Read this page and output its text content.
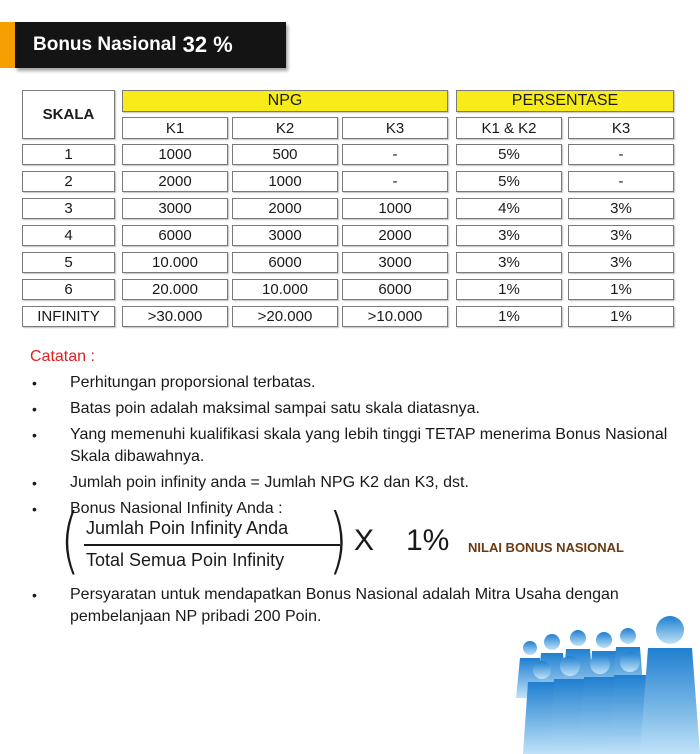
Bonus Nasional 32 %
SKALA
NPG	PERSENTASE
K1	K2	K3	K1 & K2	K3
1	1000	500	-	5%	-
2	2000	1000	-	5%	-
3	3000	2000	1000	4%	3%
4	6000	3000	2000	3%	3%
5	10.000	6000	3000	3%	3%
6	20.000	10.000	6000	1%	1%
INFINITY	>30.000	>20.000	>10.000	1%	1%
Catatan :
• Perhitungan proporsional terbatas.
• Batas poin adalah maksimal sampai satu skala diatasnya.
• Yang memenuhi kualifikasi skala yang lebih tinggi TETAP menerima Bonus Nasional Skala dibawahnya.
• Jumlah poin infinity anda = Jumlah NPG K2 dan K3, dst.
• Bonus Nasional Infinity Anda :
( Jumlah Poin Infinity Anda
Total Semua Poin Infinity ) X 1% NILAI BONUS NASIONAL
• Persyaratan untuk mendapatkan Bonus Nasional adalah Mitra Usaha dengan pembelanjaan NP pribadi 200 Poin.
